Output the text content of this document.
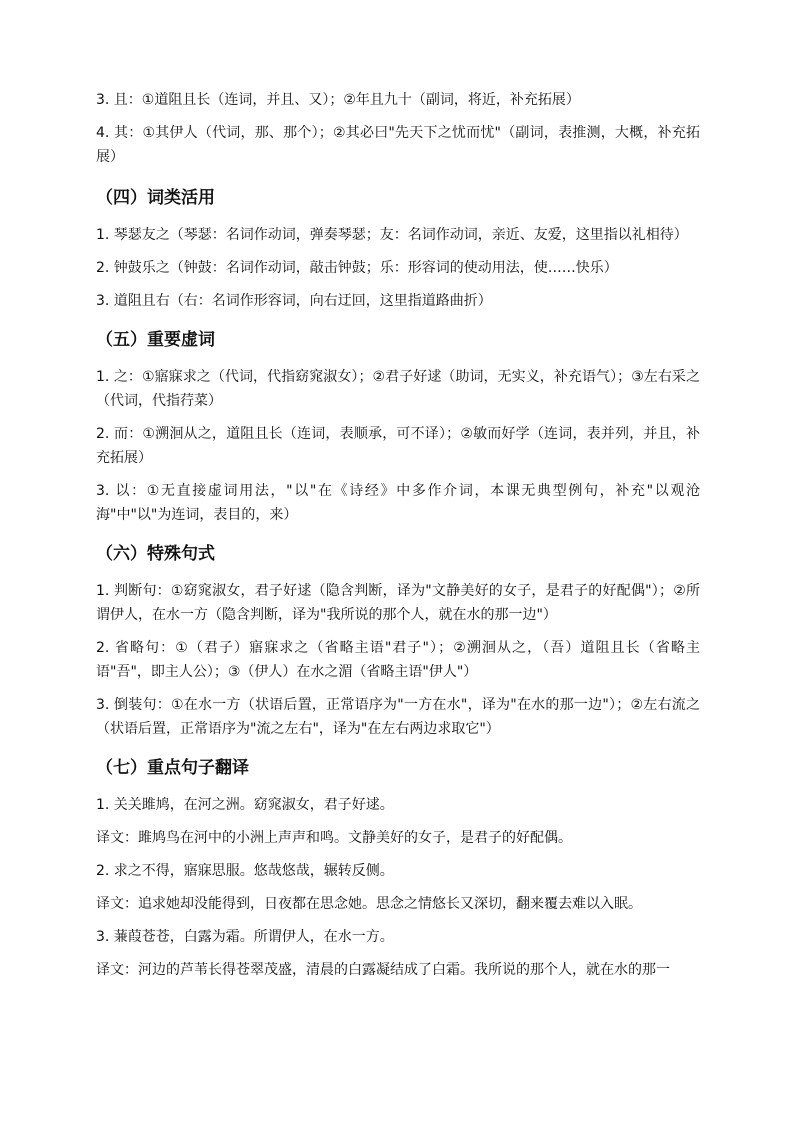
3. 且：①道阻且长（连词，并且、又）；②年且九十（副词，将近，补充拓展）

4. 其：①其伊人（代词，那、那个）；②其必曰"先天下之忧而忧"（副词，表推测，大概，补充拓展）

（四）词类活用

1. 琴瑟友之（琴瑟：名词作动词，弹奏琴瑟；友：名词作动词，亲近、友爱，这里指以礼相待）

2. 钟鼓乐之（钟鼓：名词作动词，敲击钟鼓；乐：形容词的使动用法，使……快乐）

3. 道阻且右（右：名词作形容词，向右迂回，这里指道路曲折）

（五）重要虚词

1. 之：①寤寐求之（代词，代指窈窕淑女）；②君子好逑（助词，无实义，补充语气）；③左右采之（代词，代指荇菜）

2. 而：①溯洄从之，道阻且长（连词，表顺承，可不译）；②敏而好学（连词，表并列，并且，补充拓展）

3. 以：①无直接虚词用法，"以"在《诗经》中多作介词，本课无典型例句，补充"以观沧海"中"以"为连词，表目的，来）

（六）特殊句式

1. 判断句：①窈窕淑女，君子好逑（隐含判断，译为"文静美好的女子，是君子的好配偶"）；②所谓伊人，在水一方（隐含判断，译为"我所说的那个人，就在水的那一边"）

2. 省略句：①（君子）寤寐求之（省略主语"君子"）；②溯洄从之，（吾）道阻且长（省略主语"吾"，即主人公）；③（伊人）在水之湄（省略主语"伊人"）

3. 倒装句：①在水一方（状语后置，正常语序为"一方在水"，译为"在水的那一边"）；②左右流之（状语后置，正常语序为"流之左右"，译为"在左右两边求取它"）

（七）重点句子翻译

1. 关关雎鸠，在河之洲。窈窕淑女，君子好逑。

译文：雎鸠鸟在河中的小洲上声声和鸣。文静美好的女子，是君子的好配偶。

2. 求之不得，寤寐思服。悠哉悠哉，辗转反侧。

译文：追求她却没能得到，日夜都在思念她。思念之情悠长又深切，翻来覆去难以入眠。

3. 蒹葭苍苍，白露为霜。所谓伊人，在水一方。

译文：河边的芦苇长得苍翠茂盛，清晨的白露凝结成了白霜。我所说的那个人，就在水的那一
